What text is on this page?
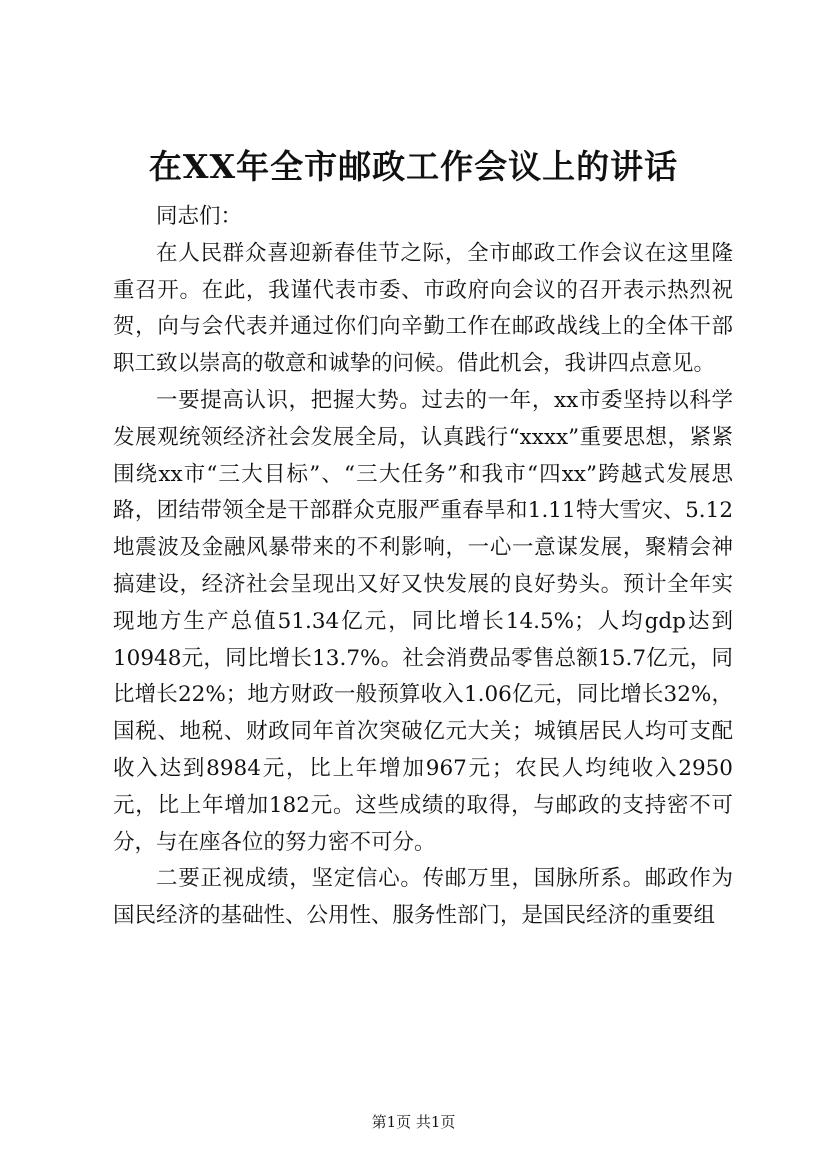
在XX年全市邮政工作会议上的讲话

同志们：

在人民群众喜迎新春佳节之际，全市邮政工作会议在这里隆重召开。在此，我谨代表市委、市政府向会议的召开表示热烈祝贺，向与会代表并通过你们向辛勤工作在邮政战线上的全体干部职工致以崇高的敬意和诚挚的问候。借此机会，我讲四点意见。

一要提高认识，把握大势。过去的一年，xx市委坚持以科学发展观统领经济社会发展全局，认真践行“xxxx”重要思想，紧紧围绕xx市“三大目标”、“三大任务”和我市“四xx”跨越式发展思路，团结带领全是干部群众克服严重春旱和1.11特大雪灾、5.12地震波及金融风暴带来的不利影响，一心一意谋发展，聚精会神搞建设，经济社会呈现出又好又快发展的良好势头。预计全年实现地方生产总值51.34亿元，同比增长14.5%；人均gdp达到10948元，同比增长13.7%。社会消费品零售总额15.7亿元，同比增长22%；地方财政一般预算收入1.06亿元，同比增长32%，国税、地税、财政同年首次突破亿元大关；城镇居民人均可支配收入达到8984元，比上年增加967元；农民人均纯收入2950元，比上年增加182元。这些成绩的取得，与邮政的支持密不可分，与在座各位的努力密不可分。

二要正视成绩，坚定信心。传邮万里，国脉所系。邮政作为国民经济的基础性、公用性、服务性部门，是国民经济的重要组

第1页 共1页
